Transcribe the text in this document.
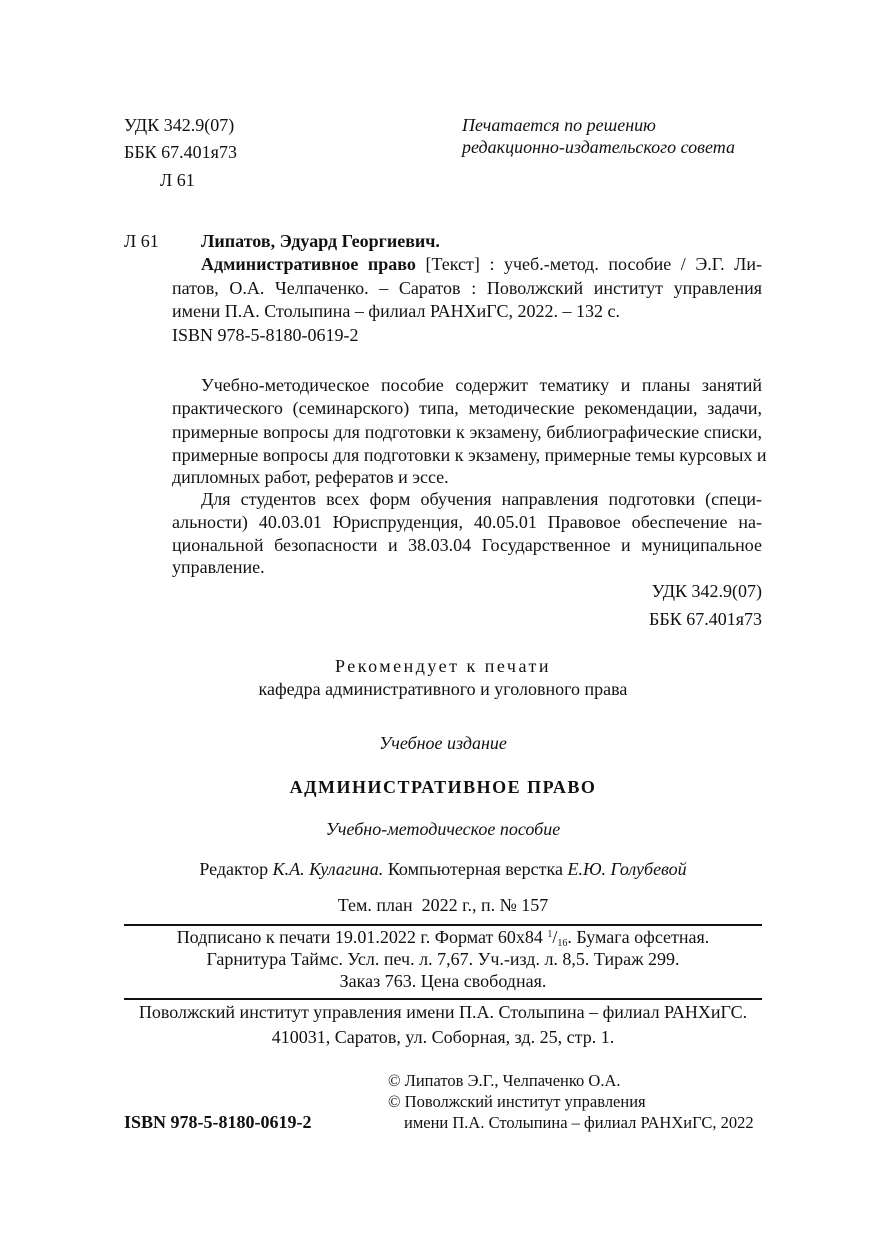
УДК 342.9(07)
ББК 67.401я73
Л 61
Печатается по решению
редакционно-издательского совета
Л 61 Липатов, Эдуард Георгиевич.
Административное право [Текст] : учеб.-метод. пособие / Э.Г. Ли-
патов, О.А. Челпаченко. – Саратов : Поволжский институт управления
имени П.А. Столыпина – филиал РАНХиГС, 2022. – 132 с.
ISBN 978-5-8180-0619-2
Учебно-методическое пособие содержит тематику и планы занятий
практического (семинарского) типа, методические рекомендации, задачи,
примерные вопросы для подготовки к экзамену, библиографические списки,
примерные вопросы для подготовки к экзамену, примерные темы курсовых и
дипломных работ, рефератов и эссе.
Для студентов всех форм обучения направления подготовки (специ-
альности) 40.03.01 Юриспруденция, 40.05.01 Правовое обеспечение на-
циональной безопасности и 38.03.04 Государственное и муниципальное
управление.
УДК 342.9(07)
ББК 67.401я73
Рекомендует к печати
кафедра административного и уголовного права
Учебное издание
АДМИНИСТРАТИВНОЕ ПРАВО
Учебно-методическое пособие
Редактор К.А. Кулагина. Компьютерная верстка Е.Ю. Голубевой
Тем. план  2022 г., п. № 157
Подписано к печати 19.01.2022 г. Формат 60х84 $^1/_{16}$. Бумага офсетная.
Гарнитура Таймс. Усл. печ. л. 7,67. Уч.-изд. л. 8,5. Тираж 299.
Заказ 763. Цена свободная.
Поволжский институт управления имени П.А. Столыпина – филиал РАНХиГС.
410031, Саратов, ул. Соборная, зд. 25, стр. 1.
© Липатов Э.Г., Челпаченко О.А.
© Поволжский институт управления
имени П.А. Столыпина – филиал РАНХиГС, 2022
ISBN 978-5-8180-0619-2
